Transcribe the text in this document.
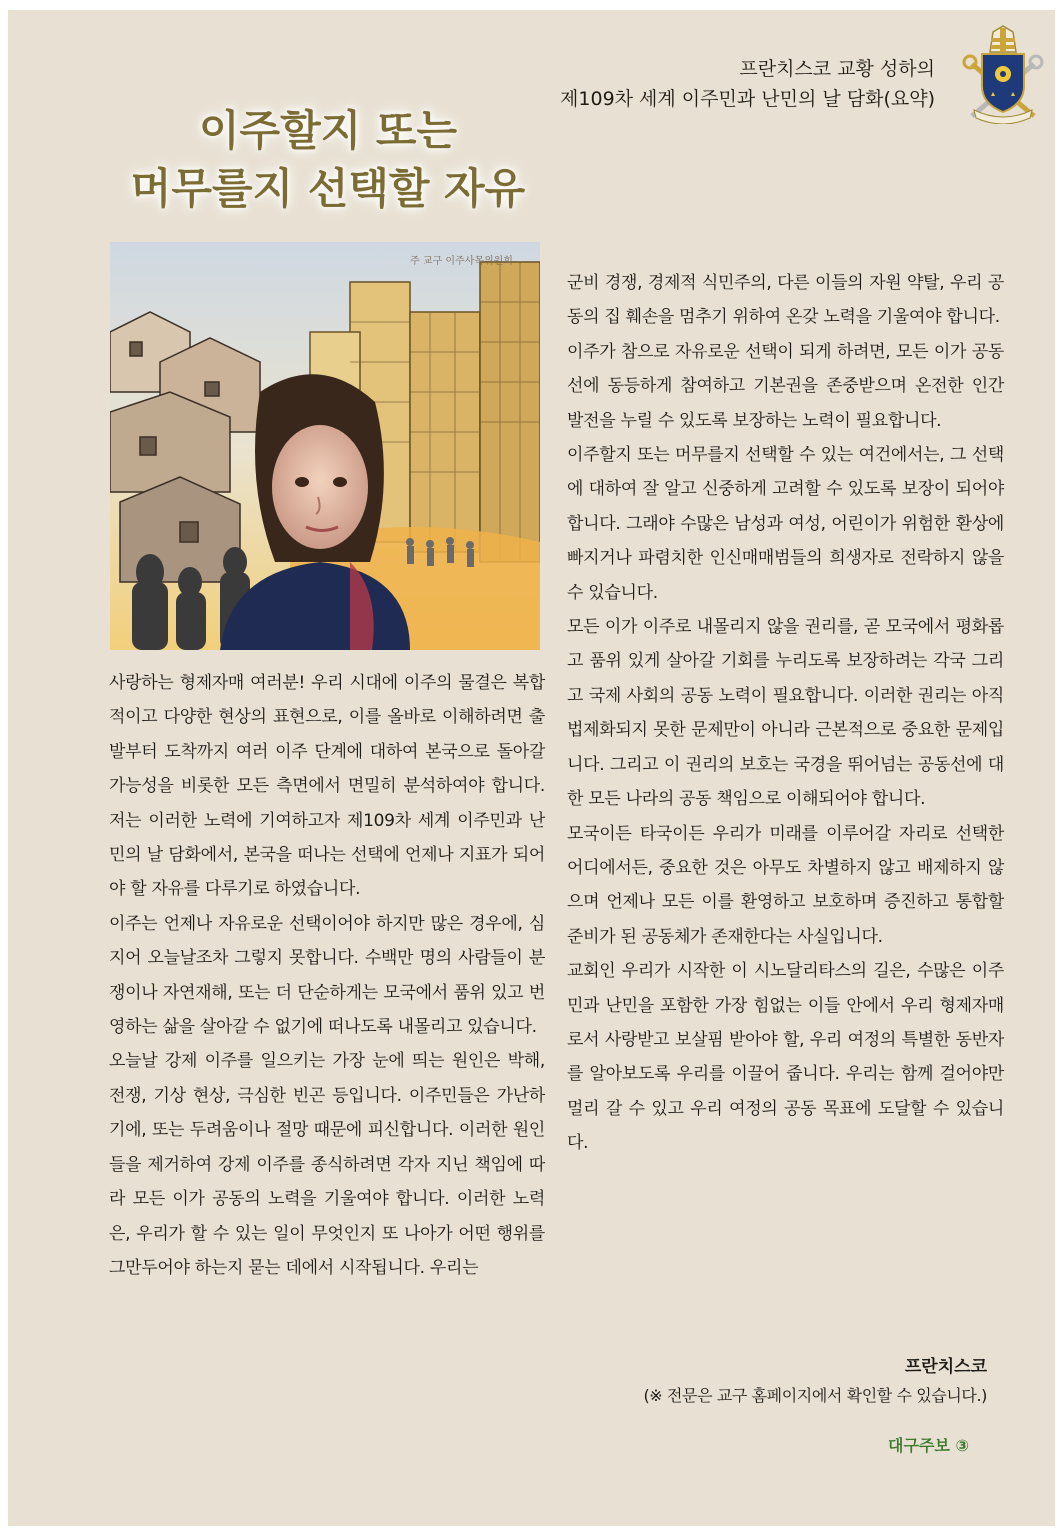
프란치스코 교황 성하의
제109차 세계 이주민과 난민의 날 담화(요약)
이주할지 또는
머무를지 선택할 자유
주 교구 이주사목위원회

사랑하는 형제자매 여러분! 우리 시대에 이주의 물결은 복합적이고 다양한 현상의 표현으로, 이를 올바로 이해하려면 출발부터 도착까지 여러 이주 단계에 대하여 본국으로 돌아갈 가능성을 비롯한 모든 측면에서 면밀히 분석하여야 합니다. 저는 이러한 노력에 기여하고자 제109차 세계 이주민과 난민의 날 담화에서, 본국을 떠나는 선택에 언제나 지표가 되어야 할 자유를 다루기로 하였습니다.

이주는 언제나 자유로운 선택이어야 하지만 많은 경우에, 심지어 오늘날조차 그렇지 못합니다. 수백만 명의 사람들이 분쟁이나 자연재해, 또는 더 단순하게는 모국에서 품위 있고 번영하는 삶을 살아갈 수 없기에 떠나도록 내몰리고 있습니다.

오늘날 강제 이주를 일으키는 가장 눈에 띄는 원인은 박해, 전쟁, 기상 현상, 극심한 빈곤 등입니다. 이주민들은 가난하기에, 또는 두려움이나 절망 때문에 피신합니다. 이러한 원인들을 제거하여 강제 이주를 종식하려면 각자 지닌 책임에 따라 모든 이가 공동의 노력을 기울여야 합니다. 이러한 노력은, 우리가 할 수 있는 일이 무엇인지 또 나아가 어떤 행위를 그만두어야 하는지 묻는 데에서 시작됩니다. 우리는

군비 경쟁, 경제적 식민주의, 다른 이들의 자원 약탈, 우리 공동의 집 훼손을 멈추기 위하여 온갖 노력을 기울여야 합니다.

이주가 참으로 자유로운 선택이 되게 하려면, 모든 이가 공동선에 동등하게 참여하고 기본권을 존중받으며 온전한 인간 발전을 누릴 수 있도록 보장하는 노력이 필요합니다.

이주할지 또는 머무를지 선택할 수 있는 여건에서는, 그 선택에 대하여 잘 알고 신중하게 고려할 수 있도록 보장이 되어야 합니다. 그래야 수많은 남성과 여성, 어린이가 위험한 환상에 빠지거나 파렴치한 인신매매범들의 희생자로 전락하지 않을 수 있습니다.

모든 이가 이주로 내몰리지 않을 권리를, 곧 모국에서 평화롭고 품위 있게 살아갈 기회를 누리도록 보장하려는 각국 그리고 국제 사회의 공동 노력이 필요합니다. 이러한 권리는 아직 법제화되지 못한 문제만이 아니라 근본적으로 중요한 문제입니다. 그리고 이 권리의 보호는 국경을 뛰어넘는 공동선에 대한 모든 나라의 공동 책임으로 이해되어야 합니다.

모국이든 타국이든 우리가 미래를 이루어갈 자리로 선택한 어디에서든, 중요한 것은 아무도 차별하지 않고 배제하지 않으며 언제나 모든 이를 환영하고 보호하며 증진하고 통합할 준비가 된 공동체가 존재한다는 사실입니다.

교회인 우리가 시작한 이 시노달리타스의 길은, 수많은 이주민과 난민을 포함한 가장 힘없는 이들 안에서 우리 형제자매로서 사랑받고 보살핌 받아야 할, 우리 여정의 특별한 동반자를 알아보도록 우리를 이끌어 줍니다. 우리는 함께 걸어야만 멀리 갈 수 있고 우리 여정의 공동 목표에 도달할 수 있습니다.

프란치스코
(※ 전문은 교구 홈페이지에서 확인할 수 있습니다.)
대구주보 ③
